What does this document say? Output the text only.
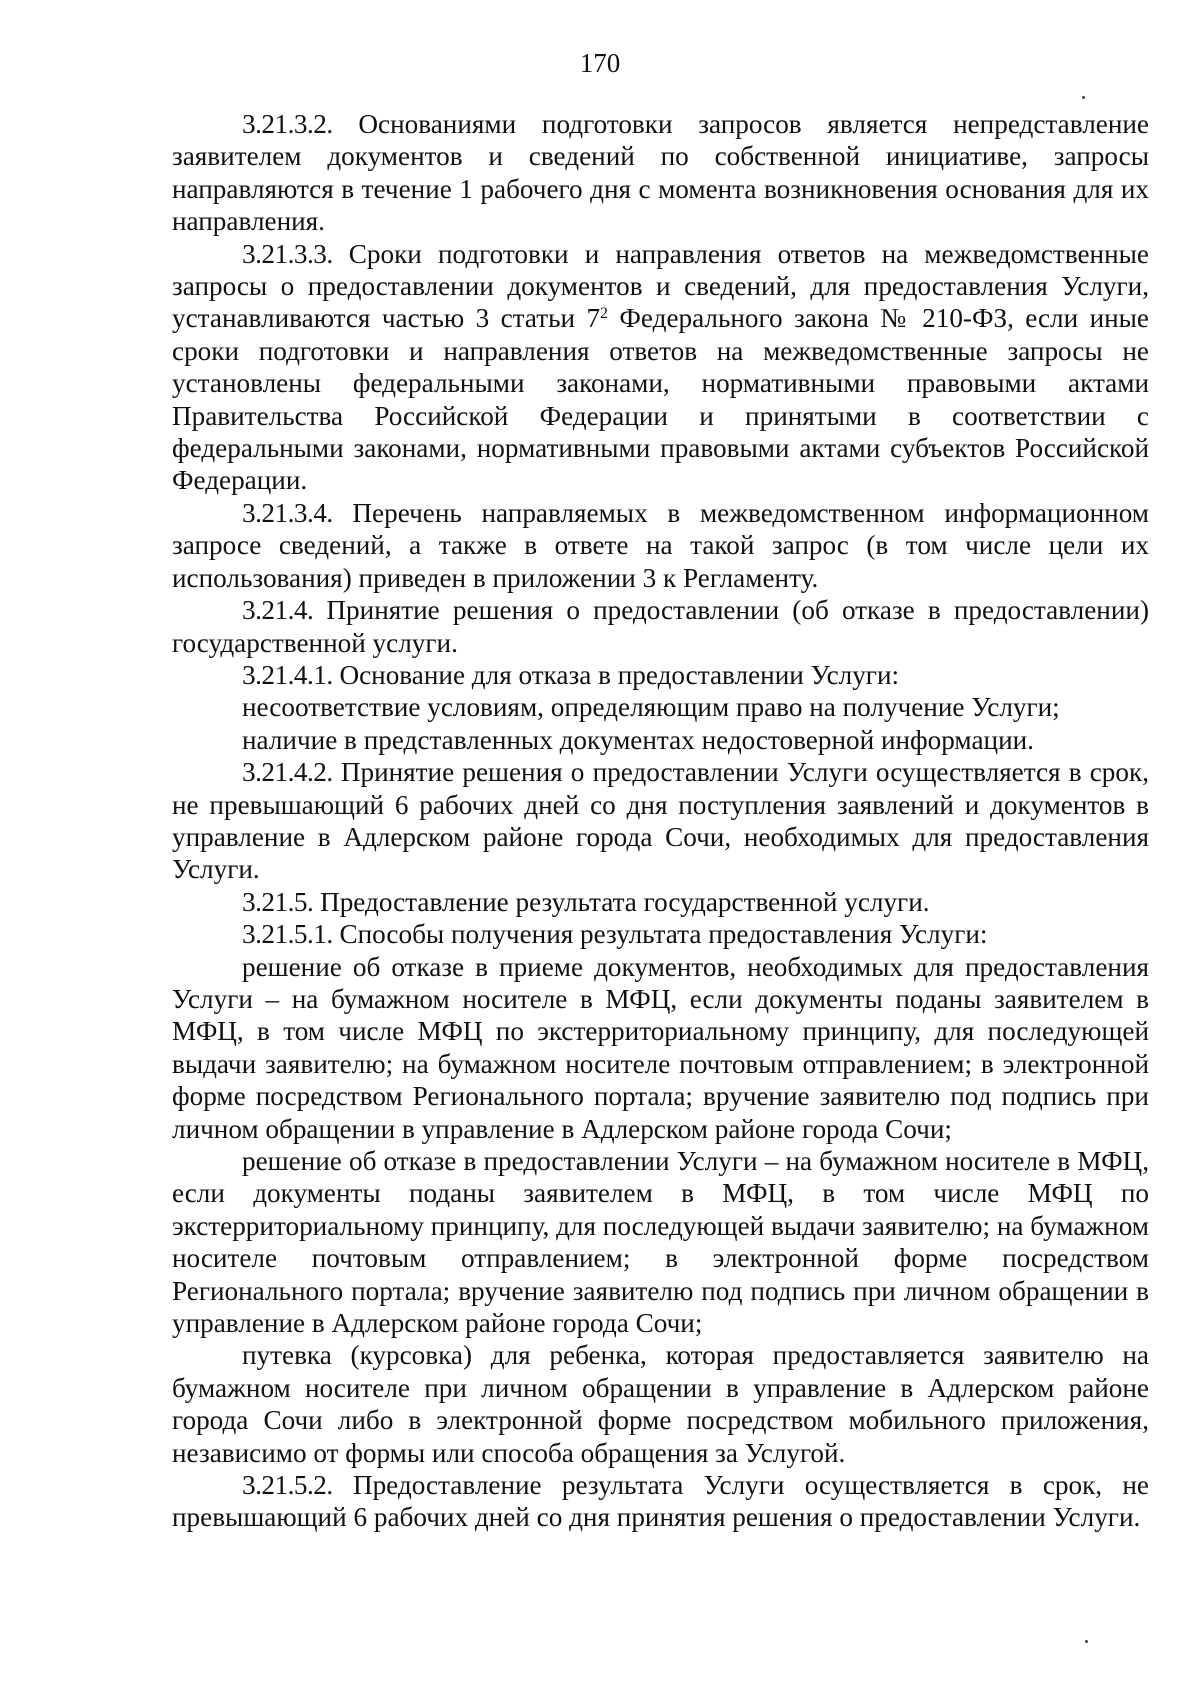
170

3.21.3.2. Основаниями подготовки запросов является непредставление заявителем документов и сведений по собственной инициативе, запросы направляются в течение 1 рабочего дня с момента возникновения основания для их направления.

3.21.3.3. Сроки подготовки и направления ответов на межведомственные запросы о предоставлении документов и сведений, для предоставления Услуги, устанавливаются частью 3 статьи $7^2$ Федерального закона № 210-ФЗ, если иные сроки подготовки и направления ответов на межведомственные запросы не установлены федеральными законами, нормативными правовыми актами Правительства Российской Федерации и принятыми в соответствии с федеральными законами, нормативными правовыми актами субъектов Российской Федерации.

3.21.3.4. Перечень направляемых в межведомственном информационном запросе сведений, а также в ответе на такой запрос (в том числе цели их использования) приведен в приложении 3 к Регламенту.

3.21.4. Принятие решения о предоставлении (об отказе в предоставлении) государственной услуги.

3.21.4.1. Основание для отказа в предоставлении Услуги:

несоответствие условиям, определяющим право на получение Услуги;

наличие в представленных документах недостоверной информации.

3.21.4.2. Принятие решения о предоставлении Услуги осуществляется в срок, не превышающий 6 рабочих дней со дня поступления заявлений и документов в управление в Адлерском районе города Сочи, необходимых для предоставления Услуги.

3.21.5. Предоставление результата государственной услуги.

3.21.5.1. Способы получения результата предоставления Услуги:

решение об отказе в приеме документов, необходимых для предоставления Услуги – на бумажном носителе в МФЦ, если документы поданы заявителем в МФЦ, в том числе МФЦ по экстерриториальному принципу, для последующей выдачи заявителю; на бумажном носителе почтовым отправлением; в электронной форме посредством Регионального портала; вручение заявителю под подпись при личном обращении в управление в Адлерском районе города Сочи;

решение об отказе в предоставлении Услуги – на бумажном носителе в МФЦ, если документы поданы заявителем в МФЦ, в том числе МФЦ по экстерриториальному принципу, для последующей выдачи заявителю; на бумажном носителе почтовым отправлением; в электронной форме посредством Регионального портала; вручение заявителю под подпись при личном обращении в управление в Адлерском районе города Сочи;

путевка (курсовка) для ребенка, которая предоставляется заявителю на бумажном носителе при личном обращении в управление в Адлерском районе города Сочи либо в электронной форме посредством мобильного приложения, независимо от формы или способа обращения за Услугой.

3.21.5.2. Предоставление результата Услуги осуществляется в срок, не превышающий 6 рабочих дней со дня принятия решения о предоставлении Услуги.
